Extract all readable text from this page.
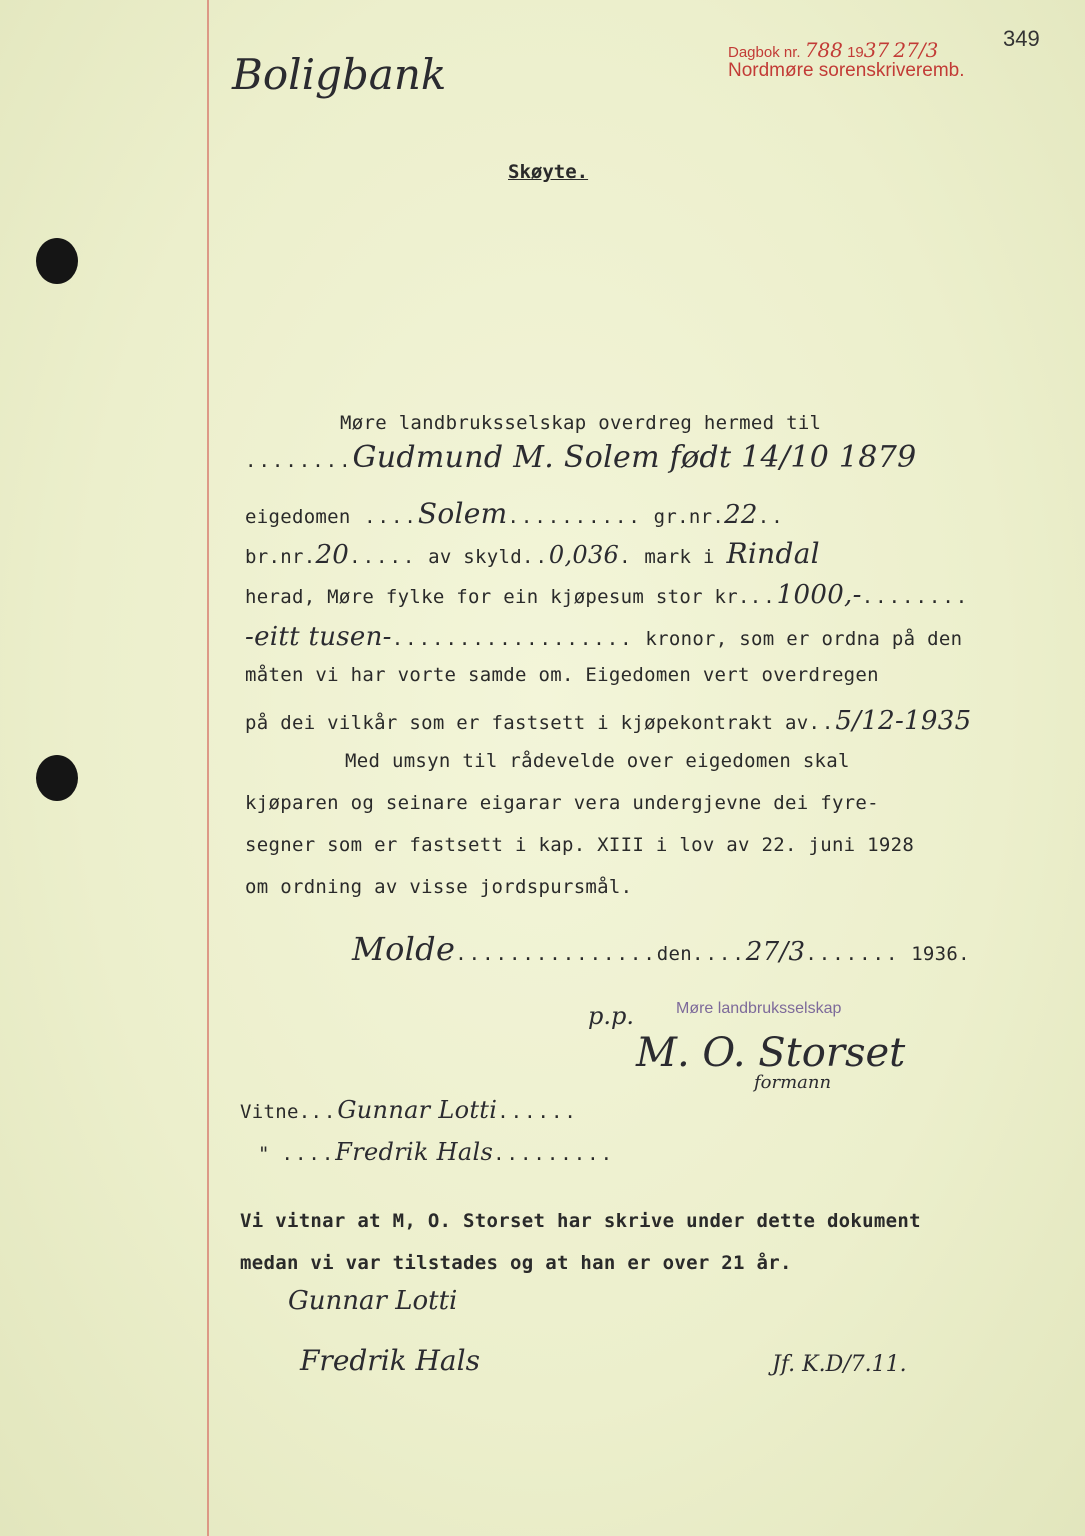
Boligbank	Dagbok nr. 788 1937 27/3
Nordmøre sorenskriveremb.
349
Skøyte.
Møre landbruksselskap overdreg hermed til
........Gudmund M. Solem født 14/10 1879
eigedomen ....Solem.......... gr.nr.22..
br.nr.20..... av skyld..0,036. mark i Rindal
herad, Møre fylke for ein kjøpesum stor kr...1000,-........
-eitt tusen-.................. kronor, som er ordna på den
måten vi har vorte samde om. Eigedomen vert overdregen
på dei vilkår som er fastsett i kjøpekontrakt av..5/12-1935
Med umsyn til rådevelde over eigedomen skal
kjøparen og seinare eigarar vera undergjevne dei fyre-
segner som er fastsett i kap. XIII i lov av 22. juni 1928
om ordning av visse jordspursmål.
Molde...............den....27/3....... 1936.
p.p.	Møre landbruksselskap
M. O. Storset
formann
Vitne...Gunnar Lotti......
" ....Fredrik Hals.........
Vi vitnar at M, O. Storset har skrive under dette dokument
medan vi var tilstades og at han er over 21 år.
Gunnar Lotti
Fredrik Hals	Jf. K.D/7.11.
